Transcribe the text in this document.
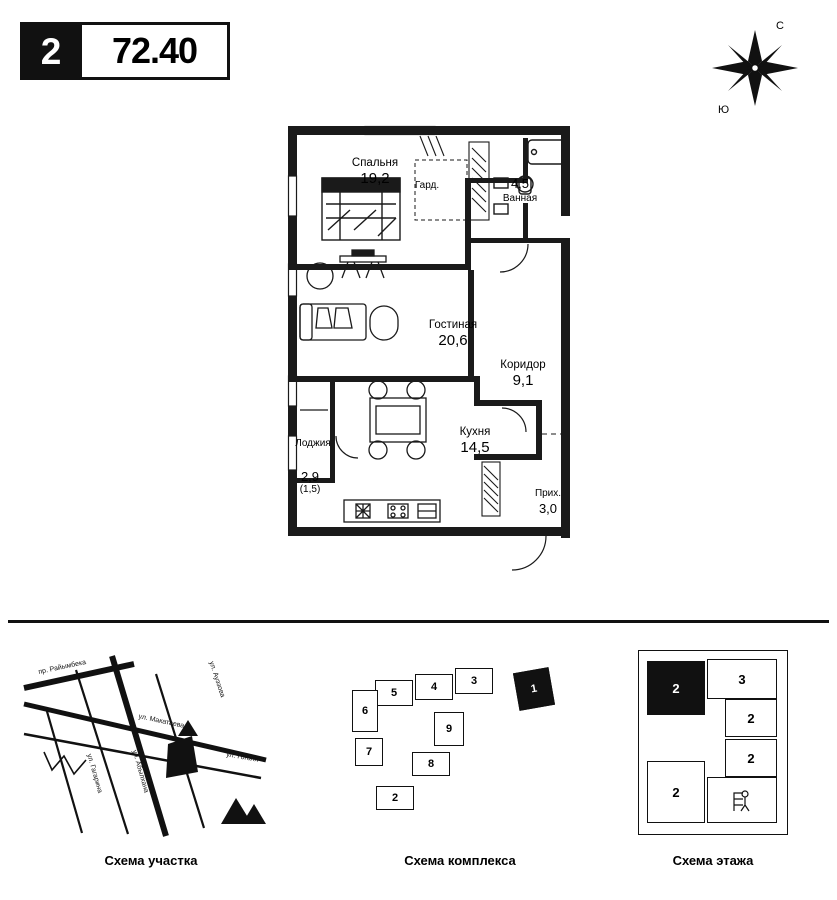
2	72.40
С
Ю
Спальня
19,2	Гард.	4,5
Ванная
Гостиная
20,6
Коридор
9,1
Кухня
14,5
Лоджия
2,9
(1,5)	Прих.
3,0
пр. Райымбека	ул. Ауэзова
ул. Макатаева
ул. Гоголя
ул. Абылхана
ул. Гагарина
Схема участка
5	4	3
6
9
7
8
2
1
Схема комплекса
2
3
2
2
2
Схема этажа
